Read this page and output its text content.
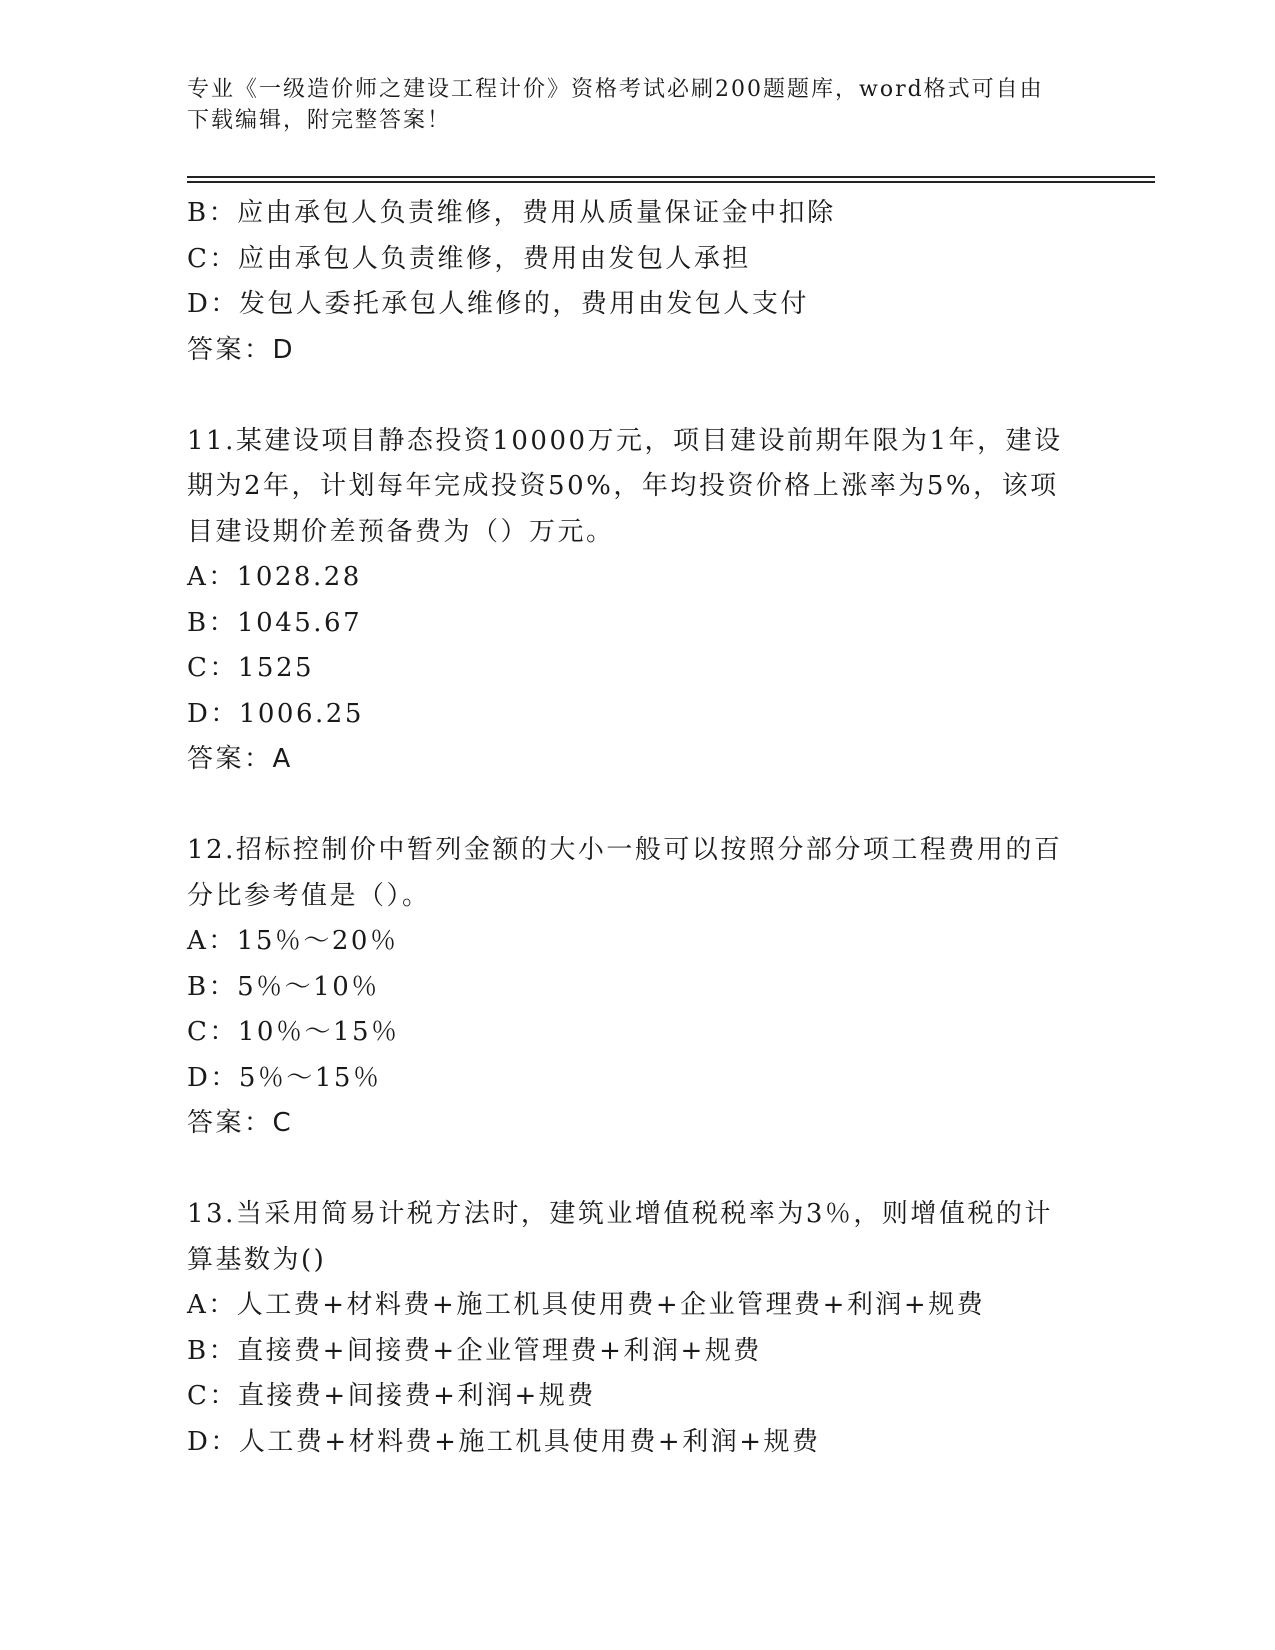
专业《一级造价师之建设工程计价》资格考试必刷200题题库，word格式可自由
下载编辑，附完整答案！
B：应由承包人负责维修，费用从质量保证金中扣除
C：应由承包人负责维修，费用由发包人承担
D：发包人委托承包人维修的，费用由发包人支付
答案：D
11.某建设项目静态投资10000万元，项目建设前期年限为1年，建设
期为2年，计划每年完成投资50%，年均投资价格上涨率为5%，该项
目建设期价差预备费为（）万元。
A：1028.28
B：1045.67
C：1525
D：1006.25
答案：A
12.招标控制价中暂列金额的大小一般可以按照分部分项工程费用的百
分比参考值是（）。
A：15％～20％
B：5％～10％
C：10％～15％
D：5％～15％
答案：C
13.当采用简易计税方法时，建筑业增值税税率为3％，则增值税的计
算基数为()
A：人工费+材料费+施工机具使用费+企业管理费+利润+规费
B：直接费+间接费+企业管理费+利润+规费
C：直接费+间接费+利润+规费
D：人工费+材料费+施工机具使用费+利润+规费
